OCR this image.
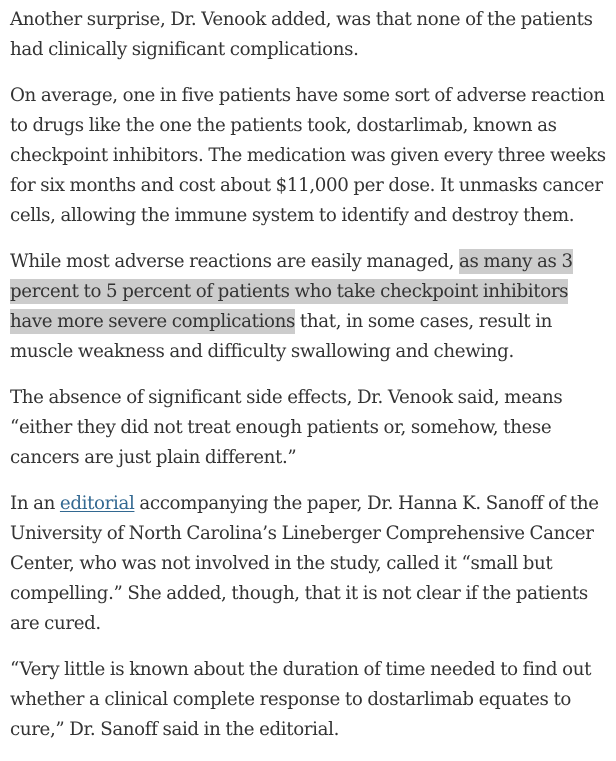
Another surprise, Dr. Venook added, was that none of the patients had clinically significant complications.

On average, one in five patients have some sort of adverse reaction to drugs like the one the patients took, dostarlimab, known as checkpoint inhibitors. The medication was given every three weeks for six months and cost about $11,000 per dose. It unmasks cancer cells, allowing the immune system to identify and destroy them.

While most adverse reactions are easily managed, as many as 3 percent to 5 percent of patients who take checkpoint inhibitors have more severe complications that, in some cases, result in muscle weakness and difficulty swallowing and chewing.

The absence of significant side effects, Dr. Venook said, means “either they did not treat enough patients or, somehow, these cancers are just plain different.”

In an editorial accompanying the paper, Dr. Hanna K. Sanoff of the University of North Carolina’s Lineberger Comprehensive Cancer Center, who was not involved in the study, called it “small but compelling.” She added, though, that it is not clear if the patients are cured.

“Very little is known about the duration of time needed to find out whether a clinical complete response to dostarlimab equates to cure,” Dr. Sanoff said in the editorial.
